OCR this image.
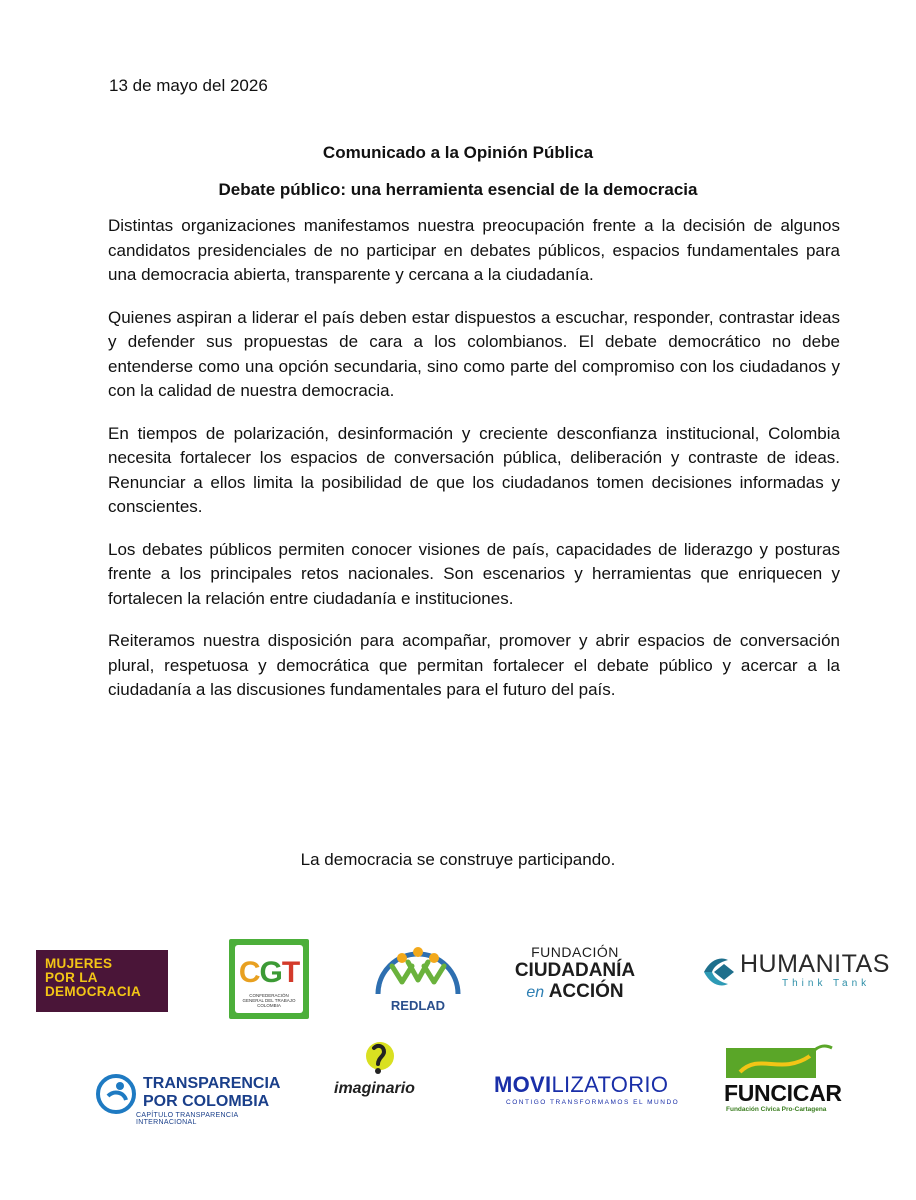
13 de mayo del 2026
Comunicado a la Opinión Pública
Debate público: una herramienta esencial de la democracia

Distintas organizaciones manifestamos nuestra preocupación frente a la decisión de algunos candidatos presidenciales de no participar en debates públicos, espacios fundamentales para una democracia abierta, transparente y cercana a la ciudadanía.

Quienes aspiran a liderar el país deben estar dispuestos a escuchar, responder, contrastar ideas y defender sus propuestas de cara a los colombianos. El debate democrático no debe entenderse como una opción secundaria, sino como parte del compromiso con los ciudadanos y con la calidad de nuestra democracia.

En tiempos de polarización, desinformación y creciente desconfianza institucional, Colombia necesita fortalecer los espacios de conversación pública, deliberación y contraste de ideas. Renunciar a ellos limita la posibilidad de que los ciudadanos tomen decisiones informadas y conscientes.

Los debates públicos permiten conocer visiones de país, capacidades de liderazgo y posturas frente a los principales retos nacionales. Son escenarios y herramientas que enriquecen y fortalecen la relación entre ciudadanía e instituciones.

Reiteramos nuestra disposición para acompañar, promover y abrir espacios de conversación plural, respetuosa y democrática que permitan fortalecer el debate público y acercar a la ciudadanía a las discusiones fundamentales para el futuro del país.

La democracia se construye participando.
MUJERES
POR LA
DEMOCRACIA
CGT
CONFEDERACIÓN GENERAL DEL TRABAJO COLOMBIA	REDLAD
FUNDACIÓN
CIUDADANÍA
en ACCIÓN
HUMANITAS
Think Tank
TRANSPARENCIA
POR COLOMBIA
CAPÍTULO TRANSPARENCIA INTERNACIONAL
imaginario	MOVILIZATORIO
CONTIGO TRANSFORMAMOS EL MUNDO FUNCICAR
Fundación Cívica Pro-Cartagena
